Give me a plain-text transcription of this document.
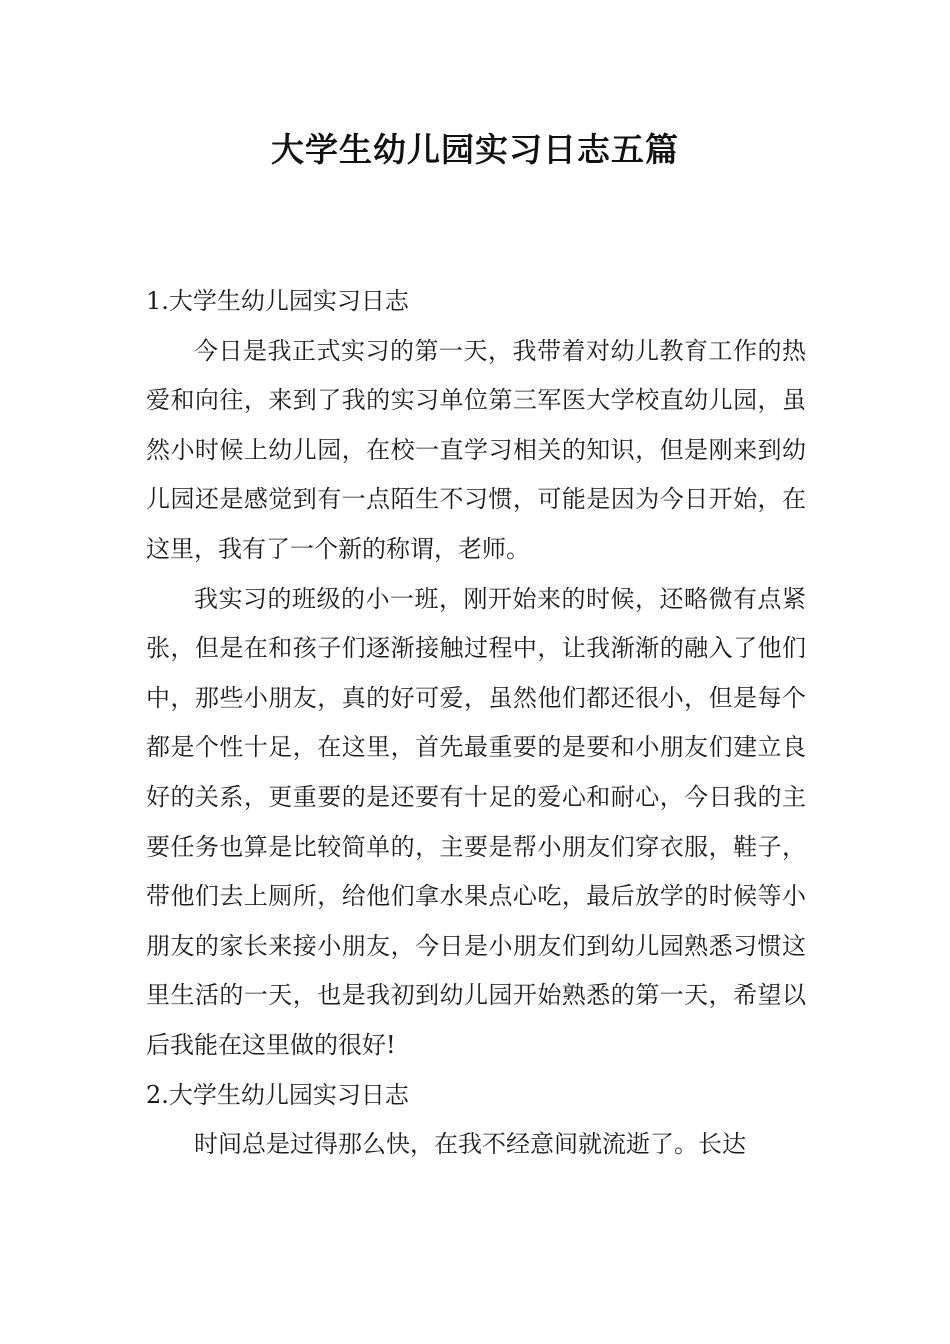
大学生幼儿园实习日志五篇
1.大学生幼儿园实习日志

今日是我正式实习的第一天，我带着对幼儿教育工作的热爱和向往，来到了我的实习单位第三军医大学校直幼儿园，虽然小时候上幼儿园，在校一直学习相关的知识，但是刚来到幼儿园还是感觉到有一点陌生不习惯，可能是因为今日开始，在这里，我有了一个新的称谓，老师。

我实习的班级的小一班，刚开始来的时候，还略微有点紧张，但是在和孩子们逐渐接触过程中，让我渐渐的融入了他们中，那些小朋友，真的好可爱，虽然他们都还很小，但是每个都是个性十足，在这里，首先最重要的是要和小朋友们建立良好的关系，更重要的是还要有十足的爱心和耐心，今日我的主要任务也算是比较简单的，主要是帮小朋友们穿衣服，鞋子，带他们去上厕所，给他们拿水果点心吃，最后放学的时候等小朋友的家长来接小朋友，今日是小朋友们到幼儿园熟悉习惯这里生活的一天，也是我初到幼儿园开始熟悉的第一天，希望以后我能在这里做的很好!

2.大学生幼儿园实习日志

时间总是过得那么快，在我不经意间就流逝了。长达
